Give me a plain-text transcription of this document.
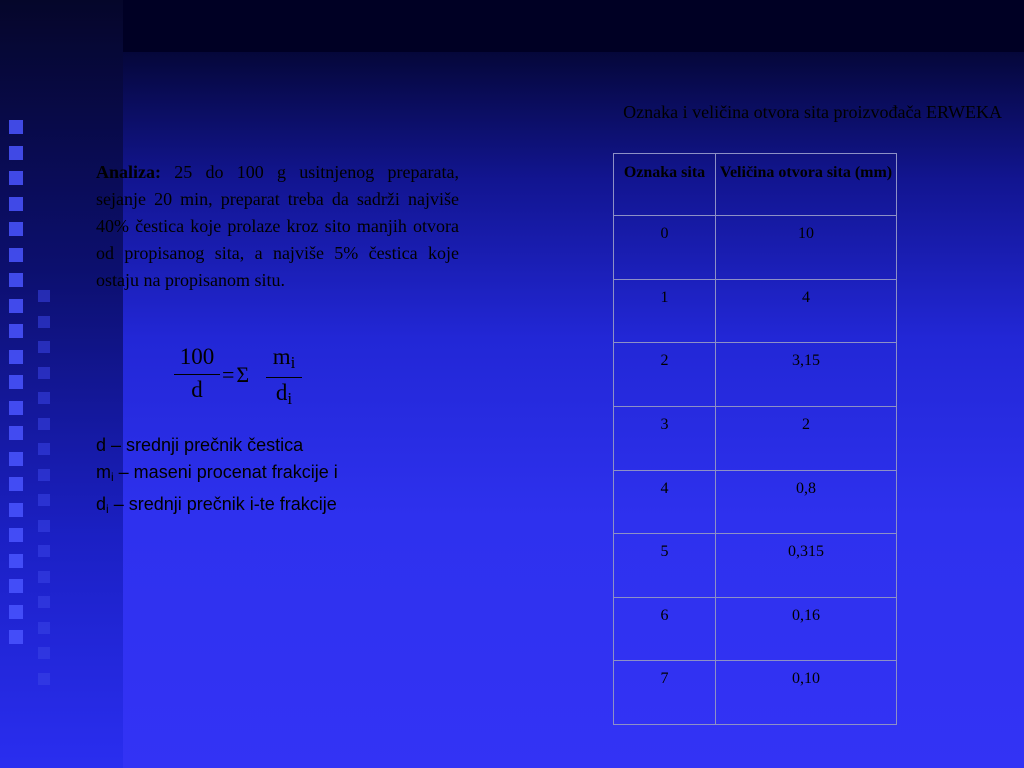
Oznaka i veličina otvora sita proizvođača ERWEKA
Analiza: 25 do 100 g usitnjenog preparata, sejanje 20 min, preparat treba da sadrži najviše 40% čestica koje prolaze kroz sito manjih otvora od propisanog sita, a najviše 5% čestica koje ostaju na propisanom situ.
$\frac{100}{d} =\Sigma \frac{m_i}{d_i}$
d – srednji prečnik čestica
$m_i$ – maseni procenat frakcije i
$d_i$ – srednji prečnik i-te frakcije
Oznaka sita	Veličina otvora sita (mm)
0	10
1	4
2	3,15
3	2
4	0,8
5	0,315
6	0,16
7	0,10
